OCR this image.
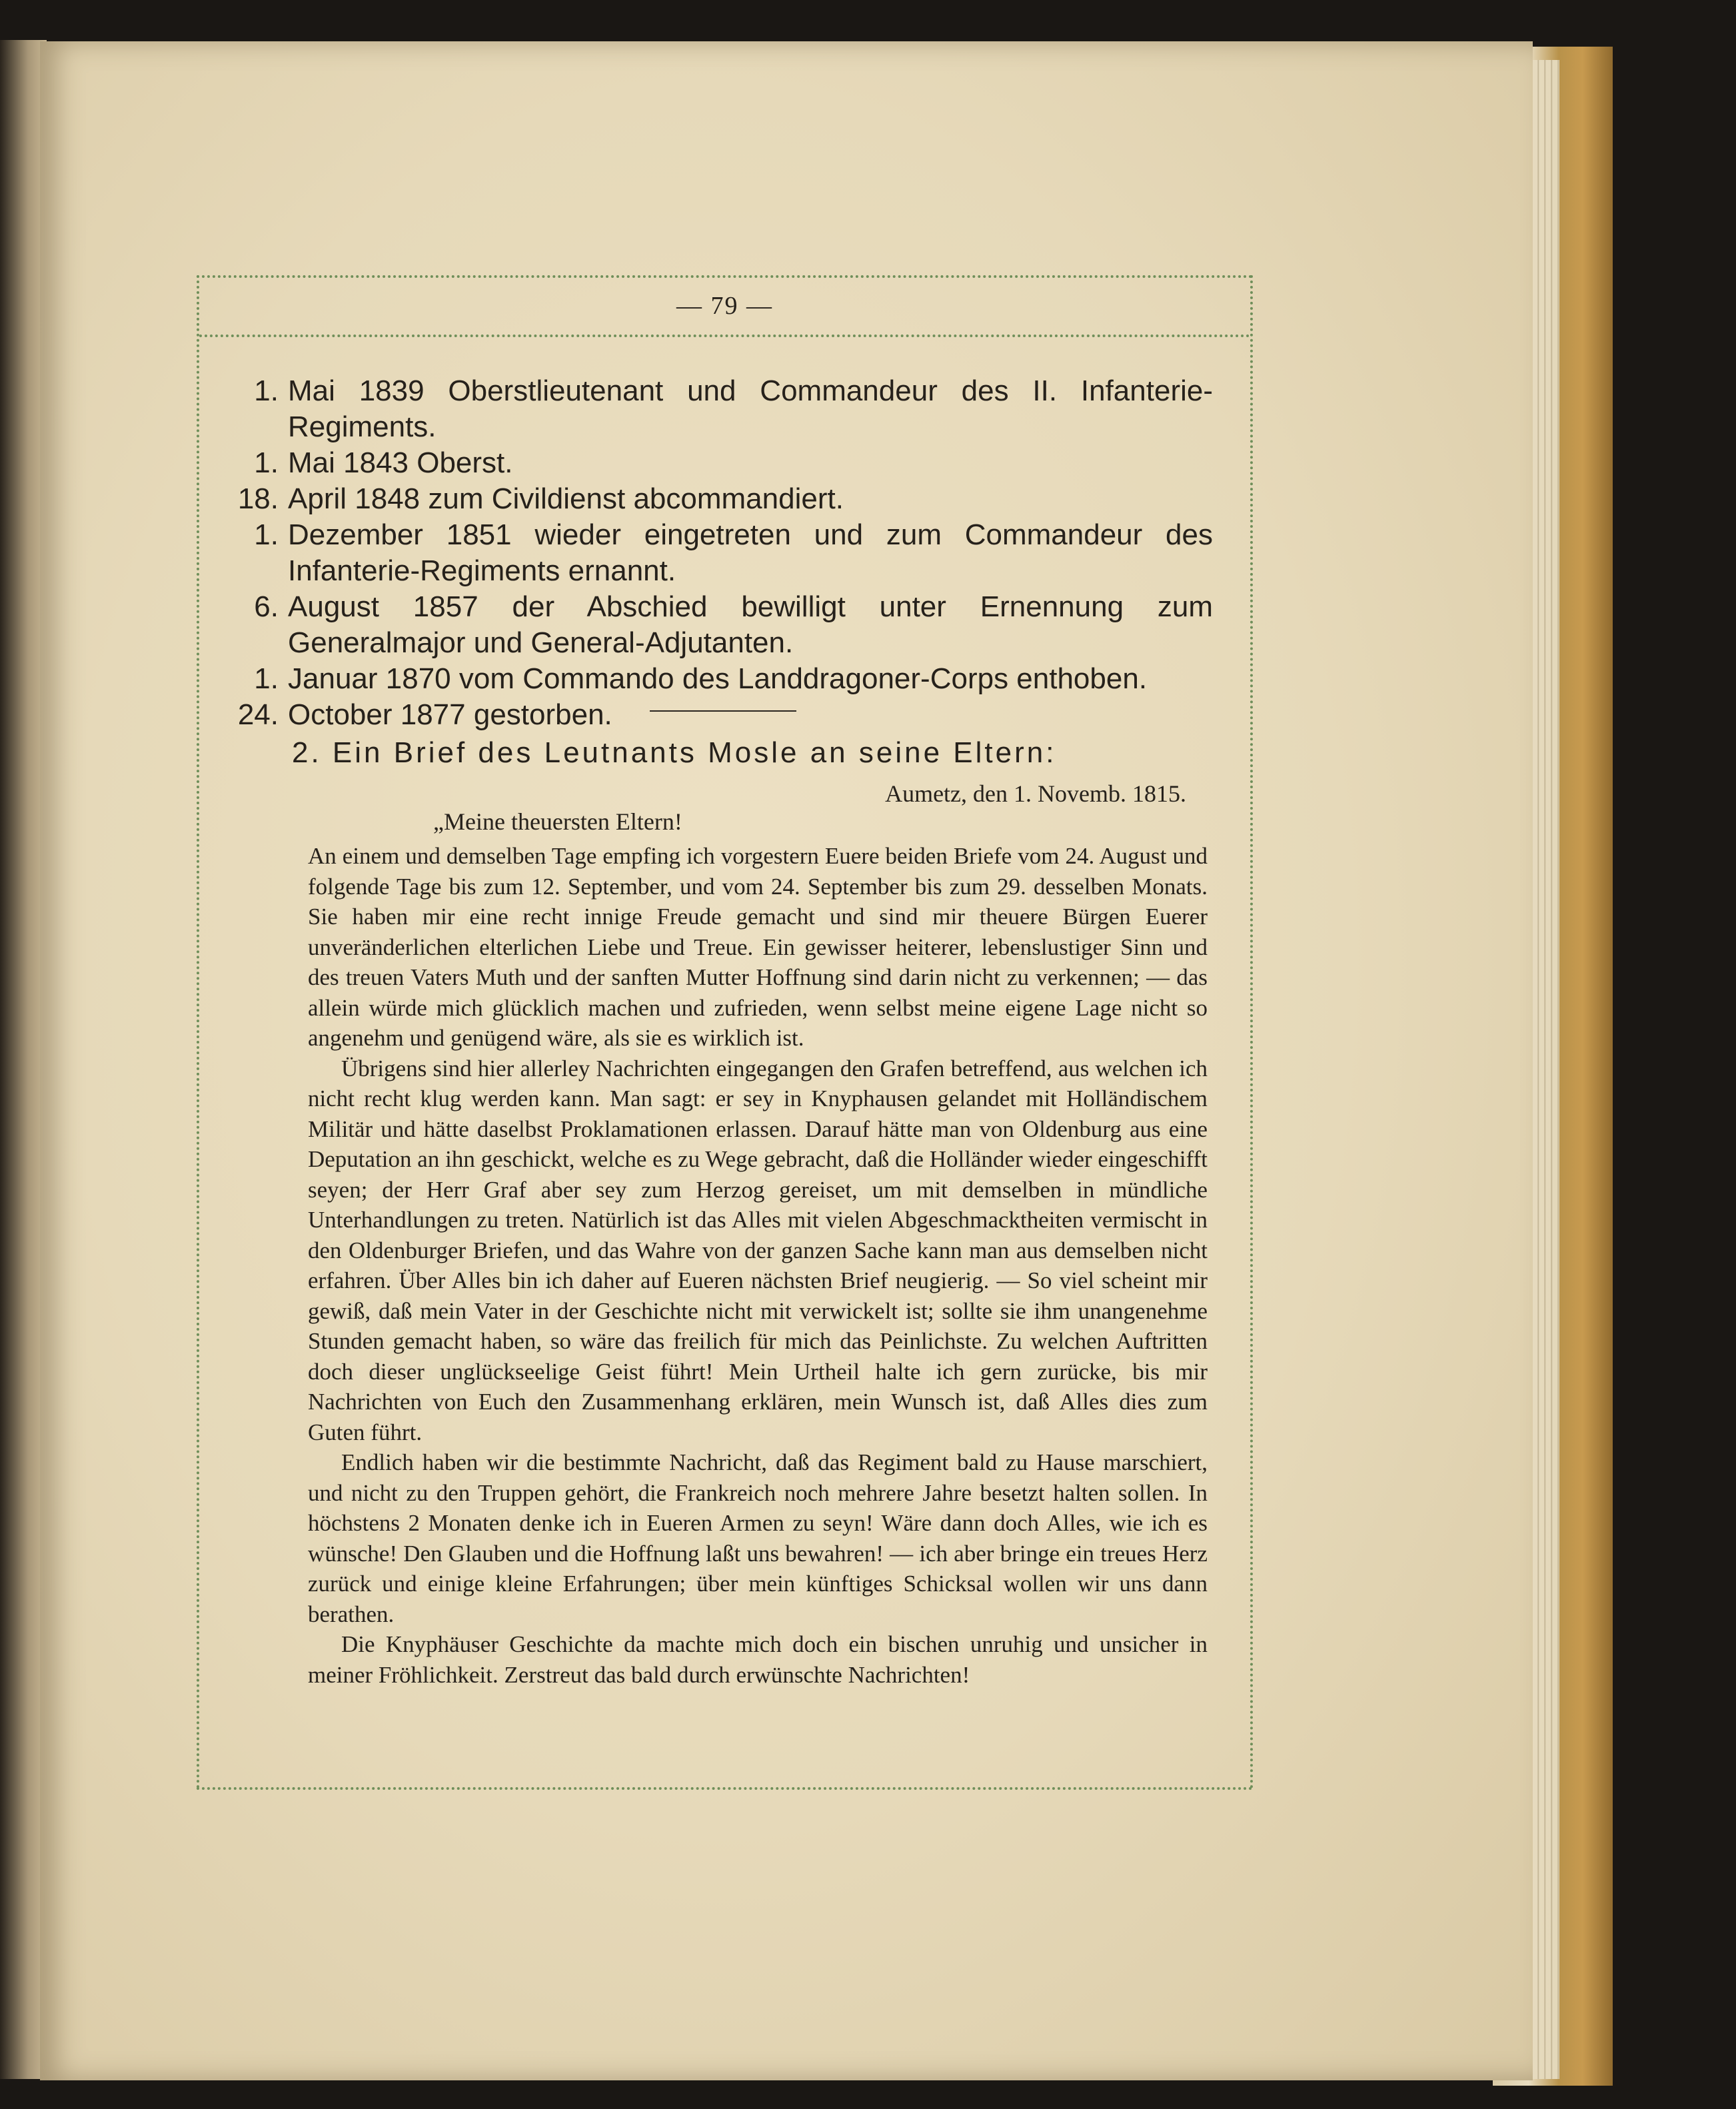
— 79 —
1. Mai 1839 Oberstlieutenant und Commandeur des II. Infanterie-Regiments.
1. Mai 1843 Oberst.
18. April 1848 zum Civildienst abcommandiert.
1. Dezember 1851 wieder eingetreten und zum Commandeur des Infanterie-Regiments ernannt.
6. August 1857 der Abschied bewilligt unter Ernennung zum Generalmajor und General-Adjutanten.
1. Januar 1870 vom Commando des Landdragoner-Corps enthoben.
24. October 1877 gestorben.
2. Ein Brief des Leutnants Mosle an seine Eltern:
Aumetz, den 1. Novemb. 1815.
„Meine theuersten Eltern!

An einem und demselben Tage empfing ich vorgestern Euere beiden Briefe vom 24. August und folgende Tage bis zum 12. September, und vom 24. September bis zum 29. desselben Monats. Sie haben mir eine recht innige Freude gemacht und sind mir theuere Bürgen Euerer unveränderlichen elterlichen Liebe und Treue. Ein gewisser heiterer, lebenslustiger Sinn und des treuen Vaters Muth und der sanften Mutter Hoffnung sind darin nicht zu verkennen; — das allein würde mich glücklich machen und zufrieden, wenn selbst meine eigene Lage nicht so angenehm und genügend wäre, als sie es wirklich ist.

Übrigens sind hier allerley Nachrichten eingegangen den Grafen betreffend, aus welchen ich nicht recht klug werden kann. Man sagt: er sey in Knyphausen gelandet mit Holländischem Militär und hätte daselbst Proklamationen erlassen. Darauf hätte man von Oldenburg aus eine Deputation an ihn geschickt, welche es zu Wege gebracht, daß die Holländer wieder eingeschifft seyen; der Herr Graf aber sey zum Herzog gereiset, um mit demselben in mündliche Unterhandlungen zu treten. Natürlich ist das Alles mit vielen Abgeschmacktheiten vermischt in den Oldenburger Briefen, und das Wahre von der ganzen Sache kann man aus demselben nicht erfahren. Über Alles bin ich daher auf Eueren nächsten Brief neugierig. — So viel scheint mir gewiß, daß mein Vater in der Geschichte nicht mit verwickelt ist; sollte sie ihm unangenehme Stunden gemacht haben, so wäre das freilich für mich das Peinlichste. Zu welchen Auftritten doch dieser unglückseelige Geist führt! Mein Urtheil halte ich gern zurücke, bis mir Nachrichten von Euch den Zusammenhang erklären, mein Wunsch ist, daß Alles dies zum Guten führt.

Endlich haben wir die bestimmte Nachricht, daß das Regiment bald zu Hause marschiert, und nicht zu den Truppen gehört, die Frankreich noch mehrere Jahre besetzt halten sollen. In höchstens 2 Monaten denke ich in Eueren Armen zu seyn! Wäre dann doch Alles, wie ich es wünsche! Den Glauben und die Hoffnung laßt uns bewahren! — ich aber bringe ein treues Herz zurück und einige kleine Erfahrungen; über mein künftiges Schicksal wollen wir uns dann berathen.

Die Knyphäuser Geschichte da machte mich doch ein bischen unruhig und unsicher in meiner Fröhlichkeit. Zerstreut das bald durch erwünschte Nachrichten!
